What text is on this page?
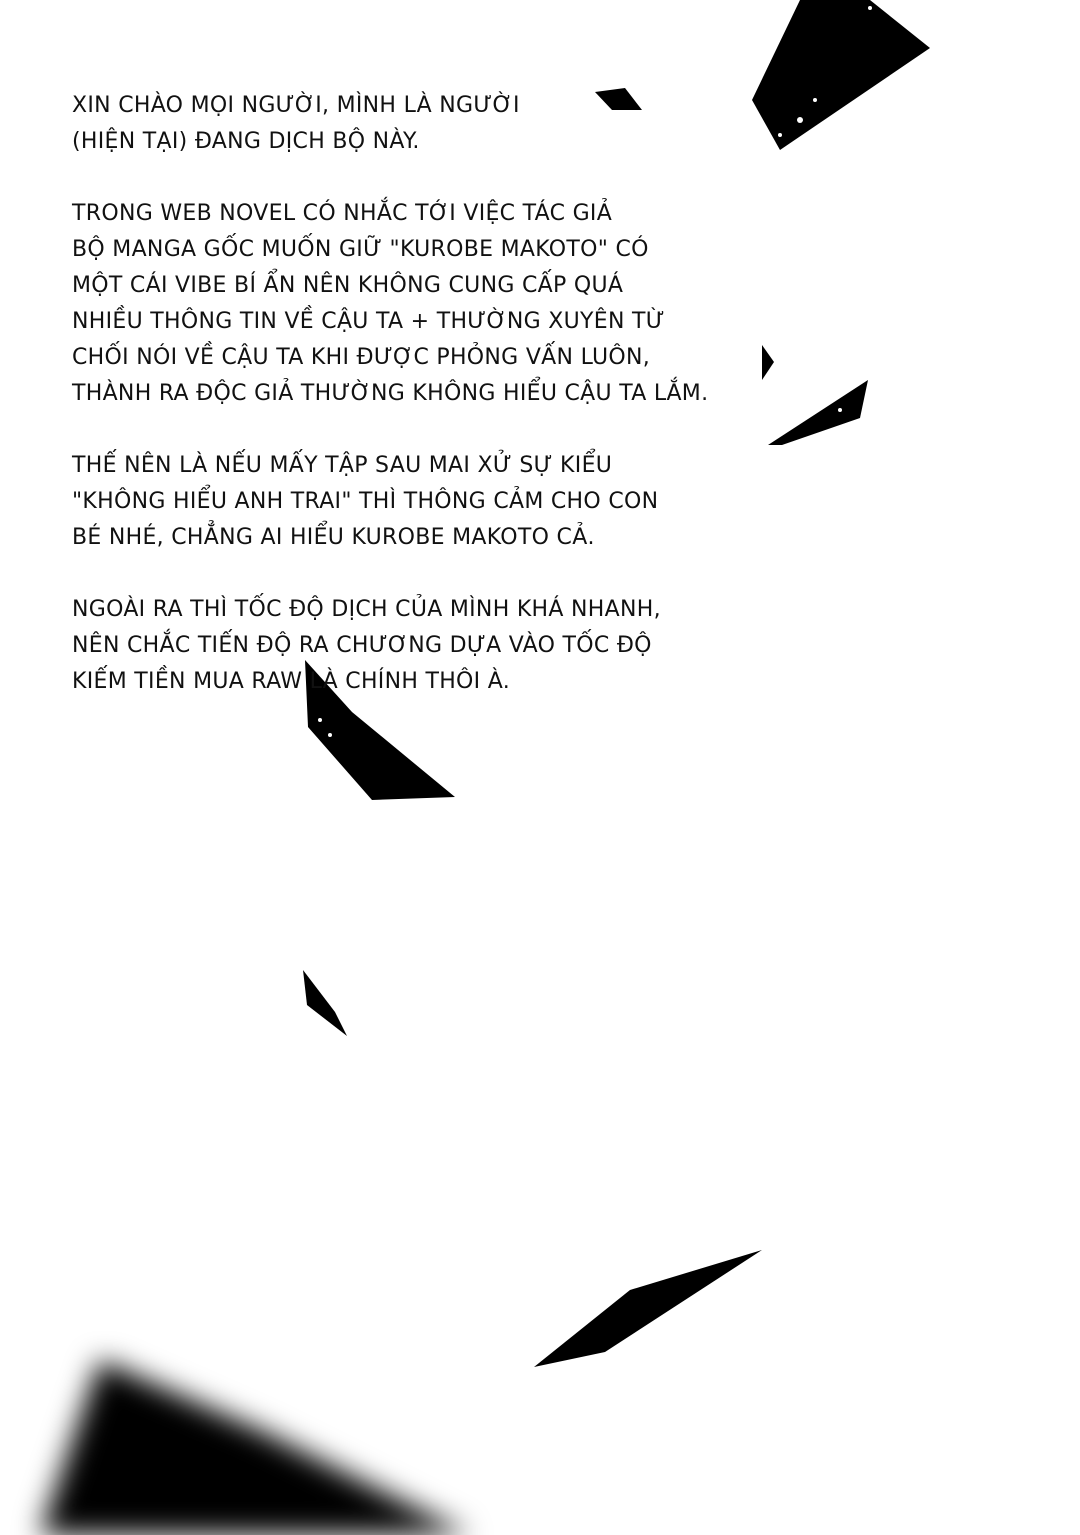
XIN CHÀO MỌI NGƯỜI, MÌNH LÀ NGƯỜI
(HIỆN TẠI) ĐANG DỊCH BỘ NÀY.

TRONG WEB NOVEL CÓ NHẮC TỚI VIỆC TÁC GIẢ
BỘ MANGA GỐC MUỐN GIỮ "KUROBE MAKOTO" CÓ
MỘT CÁI VIBE BÍ ẨN NÊN KHÔNG CUNG CẤP QUÁ
NHIỀU THÔNG TIN VỀ CẬU TA + THƯỜNG XUYÊN TỪ
CHỐI NÓI VỀ CẬU TA KHI ĐƯỢC PHỎNG VẤN LUÔN,
THÀNH RA ĐỘC GIẢ THƯỜNG KHÔNG HIỂU CẬU TA LẮM.

THẾ NÊN LÀ NẾU MẤY TẬP SAU MAI XỬ SỰ KIỂU
"KHÔNG HIỂU ANH TRAI" THÌ THÔNG CẢM CHO CON
BÉ NHÉ, CHẲNG AI HIỂU KUROBE MAKOTO CẢ.

NGOÀI RA THÌ TỐC ĐỘ DỊCH CỦA MÌNH KHÁ NHANH,
NÊN CHẮC TIẾN ĐỘ RA CHƯƠNG DỰA VÀO TỐC ĐỘ
KIẾM TIỀN MUA RAW LÀ CHÍNH THÔI À.
